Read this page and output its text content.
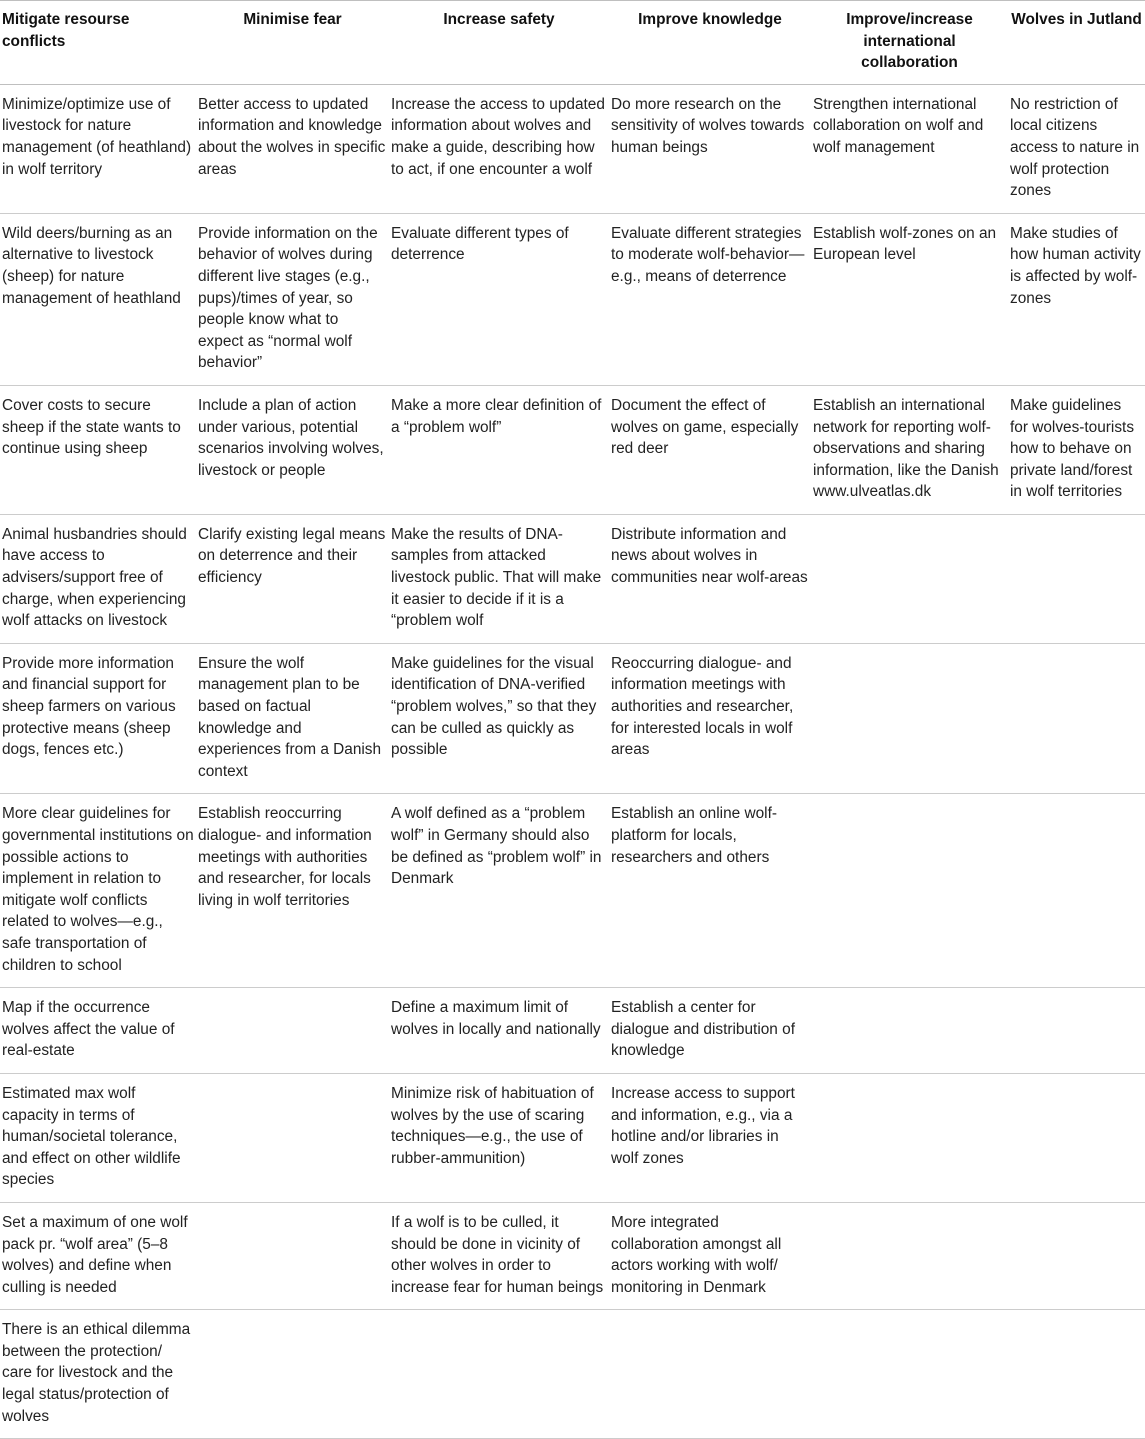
Mitigate resourse conflicts	Minimise fear	Increase safety	Improve knowledge	Improve/increase international collaboration	Wolves in Jutland
Minimize/optimize use of livestock for nature management (of heathland) in wolf territory	Better access to updated information and knowledge about the wolves in specific areas	Increase the access to updated information about wolves and make a guide, describing how to act, if one encounter a wolf	Do more research on the sensitivity of wolves towards human beings	Strengthen international collaboration on wolf and wolf management	No restriction of local citizens access to nature in wolf protection zones
Wild deers/burning as an alternative to livestock (sheep) for nature management of heathland	Provide information on the behavior of wolves during different live stages (e.g., pups)/times of year, so people know what to expect as “normal wolf behavior”	Evaluate different types of deterrence	Evaluate different strategies to moderate wolf-behavior—e.g., means of deterrence	Establish wolf-zones on an European level	Make studies of how human activity is affected by wolf-zones
Cover costs to secure sheep if the state wants to continue using sheep	Include a plan of action under various, potential scenarios involving wolves, livestock or people	Make a more clear definition of a “problem wolf”	Document the effect of wolves on game, especially red deer	Establish an international network for reporting wolf-observations and sharing information, like the Danish www.ulveatlas.dk	Make guidelines for wolves-tourists how to behave on private land/forest in wolf territories
Animal husbandries should have access to advisers/support free of charge, when experiencing wolf attacks on livestock	Clarify existing legal means on deterrence and their efficiency	Make the results of DNA-samples from attacked livestock public. That will make it easier to decide if it is a “problem wolf	Distribute information and news about wolves in communities near wolf-areas		
Provide more information and financial support for sheep farmers on various protective means (sheep dogs, fences etc.)	Ensure the wolf management plan to be based on factual knowledge and experiences from a Danish context	Make guidelines for the visual identification of DNA-verified “problem wolves,” so that they can be culled as quickly as possible	Reoccurring dialogue- and information meetings with authorities and researcher, for interested locals in wolf areas		
More clear guidelines for governmental institutions on possible actions to implement in relation to mitigate wolf conflicts related to wolves—e.g., safe transportation of children to school	Establish reoccurring dialogue- and information meetings with authorities and researcher, for locals living in wolf territories	A wolf defined as a “problem wolf” in Germany should also be defined as “problem wolf” in Denmark	Establish an online wolf-platform for locals, researchers and others		
Map if the occurrence wolves affect the value of real-estate		Define a maximum limit of wolves in locally and nationally	Establish a center for dialogue and distribution of knowledge		
Estimated max wolf capacity in terms of human/societal tolerance, and effect on other wildlife species		Minimize risk of habituation of wolves by the use of scaring techniques—e.g., the use of rubber-ammunition)	Increase access to support and information, e.g., via a hotline and/or libraries in wolf zones		
Set a maximum of one wolf pack pr. “wolf area” (5–8 wolves) and define when culling is needed		If a wolf is to be culled, it should be done in vicinity of other wolves in order to increase fear for human beings	More integrated collaboration amongst all actors working with wolf/ monitoring in Denmark		
There is an ethical dilemma between the protection/ care for livestock and the legal status/protection of wolves					
